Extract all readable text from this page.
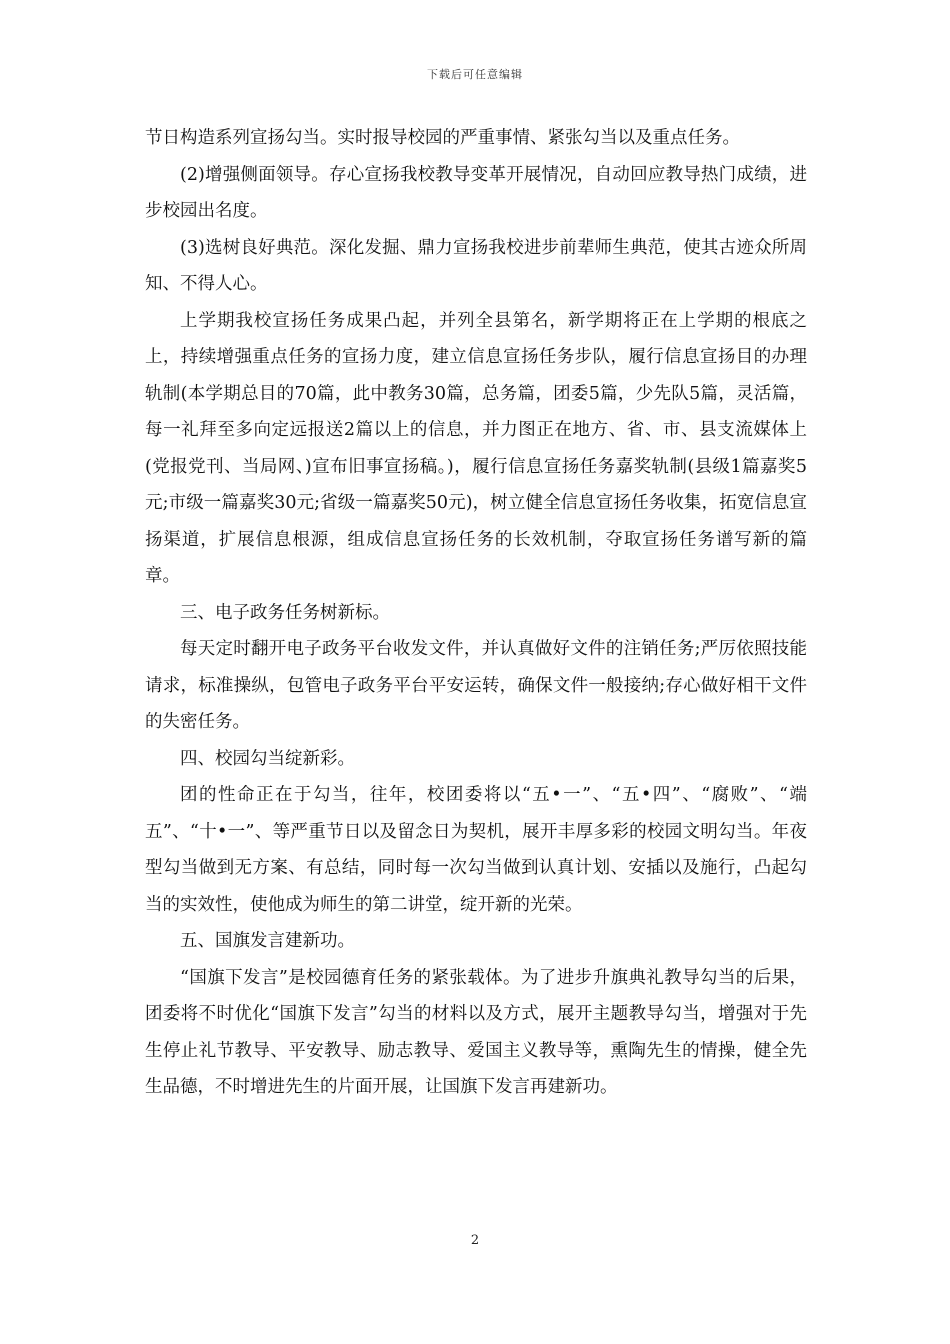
下载后可任意编辑

节日构造系列宣扬勾当。实时报导校园的严重事情、紧张勾当以及重点任务。

(2)增强侧面领导。存心宣扬我校教导变革开展情况，自动回应教导热门成绩，进步校园出名度。

(3)选树良好典范。深化发掘、鼎力宣扬我校进步前辈师生典范，使其古迹众所周知、不得人心。

上学期我校宣扬任务成果凸起，并列全县第名，新学期将正在上学期的根底之上，持续增强重点任务的宣扬力度，建立信息宣扬任务步队，履行信息宣扬目的办理轨制(本学期总目的70篇，此中教务30篇，总务篇，团委5篇，少先队5篇，灵活篇，每一礼拜至多向定远报送2篇以上的信息，并力图正在地方、省、市、县支流媒体上(党报党刊、当局网、)宣布旧事宣扬稿。)，履行信息宣扬任务嘉奖轨制(县级1篇嘉奖5元;市级一篇嘉奖30元;省级一篇嘉奖50元)，树立健全信息宣扬任务收集，拓宽信息宣扬渠道，扩展信息根源，组成信息宣扬任务的长效机制，夺取宣扬任务谱写新的篇章。

三、电子政务任务树新标。

每天定时翻开电子政务平台收发文件，并认真做好文件的注销任务;严厉依照技能请求，标准操纵，包管电子政务平台平安运转，确保文件一般接纳;存心做好相干文件的失密任务。

四、校园勾当绽新彩。

团的性命正在于勾当，往年，校团委将以“五•一”、“五•四”、“腐败”、“端五”、“十•一”、等严重节日以及留念日为契机，展开丰厚多彩的校园文明勾当。年夜型勾当做到无方案、有总结，同时每一次勾当做到认真计划、安插以及施行，凸起勾当的实效性，使他成为师生的第二讲堂，绽开新的光荣。

五、国旗发言建新功。

“国旗下发言”是校园德育任务的紧张载体。为了进步升旗典礼教导勾当的后果，团委将不时优化“国旗下发言”勾当的材料以及方式，展开主题教导勾当，增强对于先生停止礼节教导、平安教导、励志教导、爱国主义教导等，熏陶先生的情操，健全先生品德，不时增进先生的片面开展，让国旗下发言再建新功。

2
